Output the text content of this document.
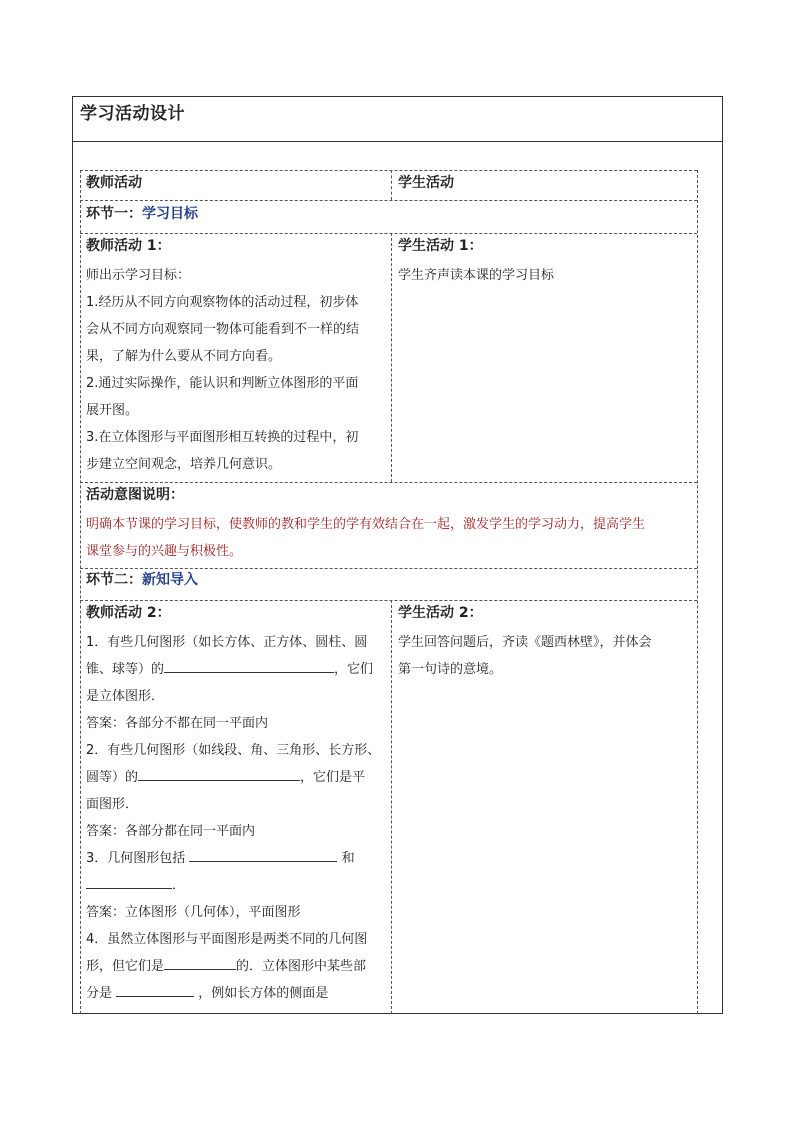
学习活动设计
教师活动	学生活动
环节一：学习目标
教师活动 1：
师出示学习目标：
1.经历从不同方向观察物体的活动过程，初步体
会从不同方向观察同一物体可能看到不一样的结
果，了解为什么要从不同方向看。
2.通过实际操作，能认识和判断立体图形的平面
展开图。
3.在立体图形与平面图形相互转换的过程中，初
步建立空间观念，培养几何意识。
学生活动 1：
学生齐声读本课的学习目标
活动意图说明：
明确本节课的学习目标，使教师的教和学生的学有效结合在一起，激发学生的学习动力，提高学生
课堂参与的兴趣与积极性。
环节二：新知导入
教师活动 2：
1．有些几何图形（如长方体、正方体、圆柱、圆
锥、球等）的	，它们
是立体图形．
答案：各部分不都在同一平面内
2．有些几何图形（如线段、角、三角形、长方形、
圆等）的	，它们是平
面图形．
答案：各部分都在同一平面内
3．几何图形包括	和
．
答案：立体图形（几何体），平面图形
4．虽然立体图形与平面图形是两类不同的几何图
形，但它们是	的．立体图形中某些部
分是	，例如长方体的侧面是
学生活动 2：
学生回答问题后，齐读《题西林壁》，并体会
第一句诗的意境。
